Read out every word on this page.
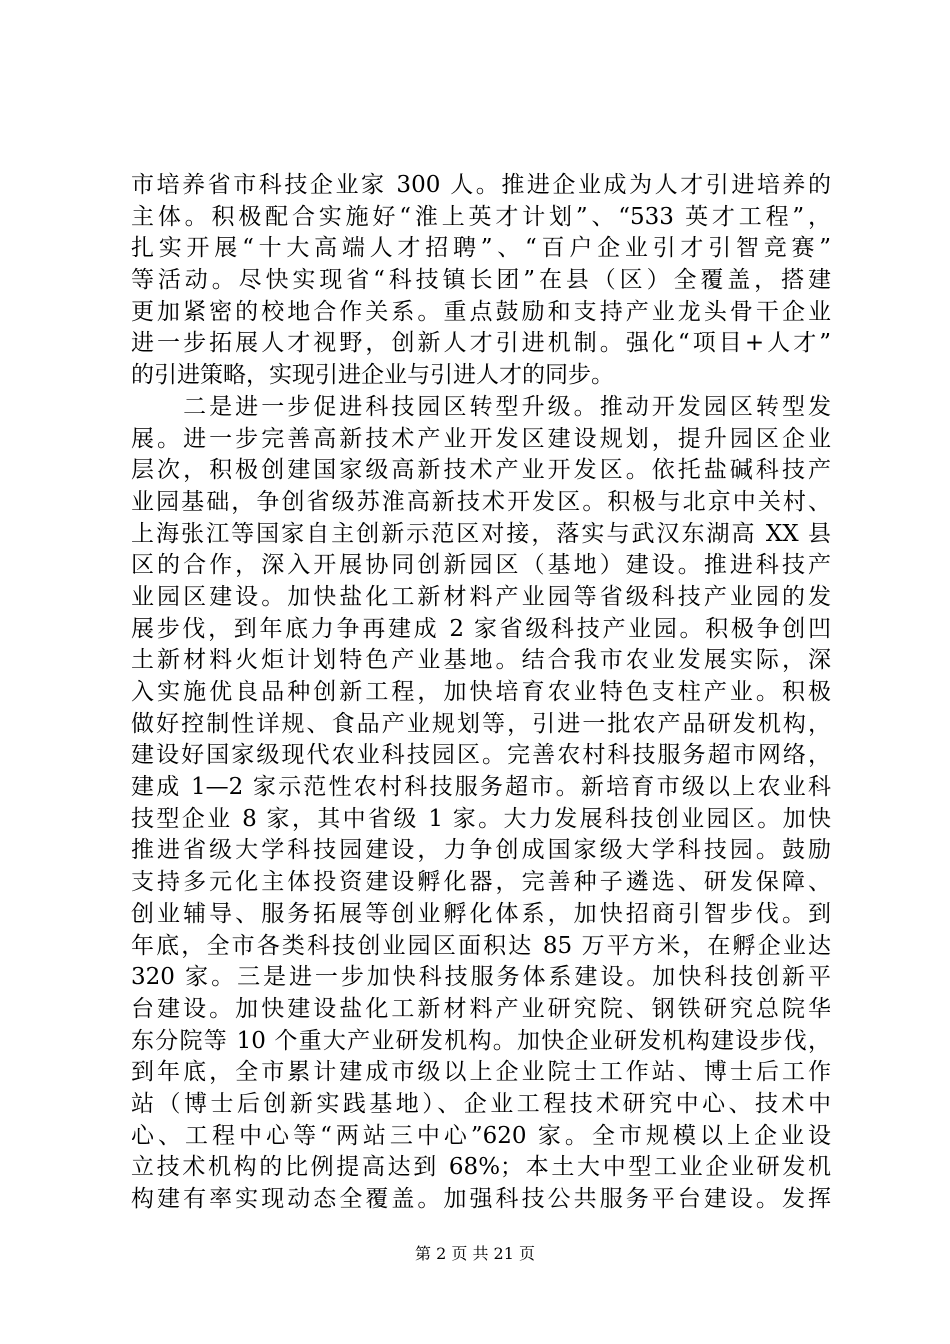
市培养省市科技企业家 300 人。推进企业成为人才引进培养的
主体。积极配合实施好“淮上英才计划”、“533 英才工程”，
扎实开展“十大高端人才招聘”、“百户企业引才引智竞赛”
等活动。尽快实现省“科技镇长团”在县（区）全覆盖，搭建
更加紧密的校地合作关系。重点鼓励和支持产业龙头骨干企业
进一步拓展人才视野，创新人才引进机制。强化“项目+人才”
的引进策略，实现引进企业与引进人才的同步。
　　二是进一步促进科技园区转型升级。推动开发园区转型发
展。进一步完善高新技术产业开发区建设规划，提升园区企业
层次，积极创建国家级高新技术产业开发区。依托盐碱科技产
业园基础，争创省级苏淮高新技术开发区。积极与北京中关村、
上海张江等国家自主创新示范区对接，落实与武汉东湖高 XX 县
区的合作，深入开展协同创新园区（基地）建设。推进科技产
业园区建设。加快盐化工新材料产业园等省级科技产业园的发
展步伐，到年底力争再建成 2 家省级科技产业园。积极争创凹
土新材料火炬计划特色产业基地。结合我市农业发展实际，深
入实施优良品种创新工程，加快培育农业特色支柱产业。积极
做好控制性详规、食品产业规划等，引进一批农产品研发机构，
建设好国家级现代农业科技园区。完善农村科技服务超市网络，
建成 1—2 家示范性农村科技服务超市。新培育市级以上农业科
技型企业 8 家，其中省级 1 家。大力发展科技创业园区。加快
推进省级大学科技园建设，力争创成国家级大学科技园。鼓励
支持多元化主体投资建设孵化器，完善种子遴选、研发保障、
创业辅导、服务拓展等创业孵化体系，加快招商引智步伐。到
年底，全市各类科技创业园区面积达 85 万平方米，在孵企业达
320 家。三是进一步加快科技服务体系建设。加快科技创新平
台建设。加快建设盐化工新材料产业研究院、钢铁研究总院华
东分院等 10 个重大产业研发机构。加快企业研发机构建设步伐，
到年底，全市累计建成市级以上企业院士工作站、博士后工作
站（博士后创新实践基地）、企业工程技术研究中心、技术中
心、工程中心等“两站三中心”620 家。全市规模以上企业设
立技术机构的比例提高达到 68%；本土大中型工业企业研发机
构建有率实现动态全覆盖。加强科技公共服务平台建设。发挥
第 2 页 共 21 页
